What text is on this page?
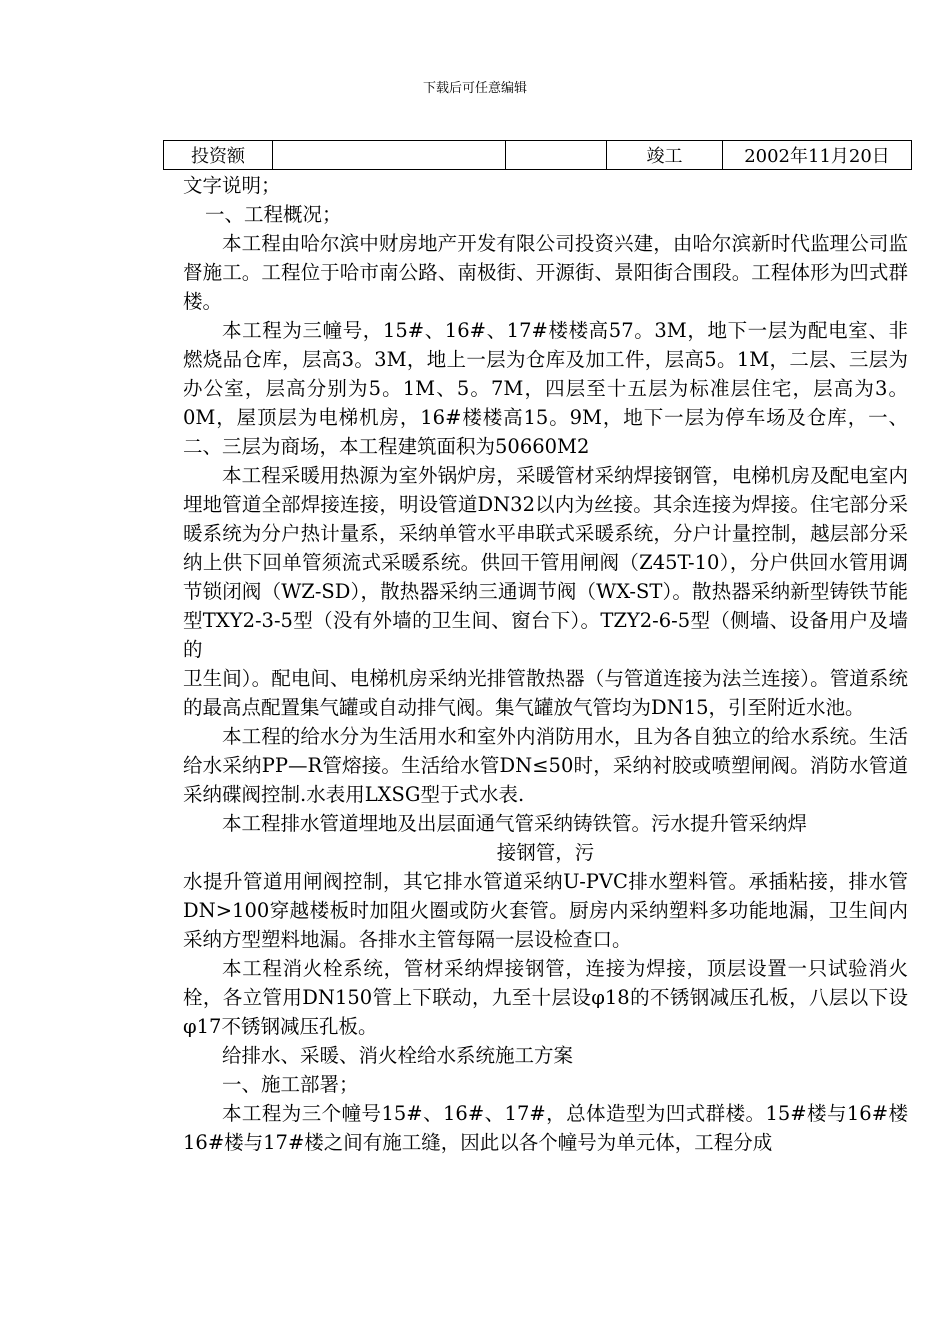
下载后可任意编辑
投资额			竣工	2002年11月20日

文字说明；

一、工程概况；

本工程由哈尔滨中财房地产开发有限公司投资兴建，由哈尔滨新时代监理公司监督施工。工程位于哈市南公路、南极街、开源街、景阳街合围段。工程体形为凹式群楼。

本工程为三幢号，15#、16#、17#楼楼高57。3M，地下一层为配电室、非燃烧品仓库，层高3。3M，地上一层为仓库及加工件，层高5。1M，二层、三层为办公室，层高分别为5。1M、5。7M，四层至十五层为标准层住宅，层高为3。0M，屋顶层为电梯机房，16#楼楼高15。9M，地下一层为停车场及仓库，一、二、三层为商场，本工程建筑面积为50660M2

本工程采暖用热源为室外锅炉房，采暖管材采纳焊接钢管，电梯机房及配电室内埋地管道全部焊接连接，明设管道DN32以内为丝接。其余连接为焊接。住宅部分采暖系统为分户热计量系，采纳单管水平串联式采暖系统，分户计量控制，越层部分采纳上供下回单管须流式采暖系统。供回干管用闸阀（Z45T-10），分户供回水管用调节锁闭阀（WZ-SD），散热器采纳三通调节阀（WX-ST）。散热器采纳新型铸铁节能型TXY2-3-5型（没有外墙的卫生间、窗台下）。TZY2-6-5型（侧墙、设备用户及墙的

卫生间）。配电间、电梯机房采纳光排管散热器（与管道连接为法兰连接）。管道系统的最高点配置集气罐或自动排气阀。集气罐放气管均为DN15，引至附近水池。

本工程的给水分为生活用水和室外内消防用水，且为各自独立的给水系统。生活给水采纳PP—R管熔接。生活给水管DN≤50时，采纳衬胶或喷塑闸阀。消防水管道采纳碟阀控制.水表用LXSG型于式水表.

本工程排水管道埋地及出层面通气管采纳铸铁管。污水提升管采纳焊

接钢管，污

水提升管道用闸阀控制，其它排水管道采纳U-PVC排水塑料管。承插粘接，排水管DN>100穿越楼板时加阻火圈或防火套管。厨房内采纳塑料多功能地漏，卫生间内采纳方型塑料地漏。各排水主管每隔一层设检查口。

本工程消火栓系统，管材采纳焊接钢管，连接为焊接，顶层设置一只试验消火栓，各立管用DN150管上下联动，九至十层设φ18的不锈钢减压孔板，八层以下设φ17不锈钢减压孔板。

给排水、采暖、消火栓给水系统施工方案

一、施工部署；

本工程为三个幢号15#、16#、17#，总体造型为凹式群楼。15#楼与16#楼16#楼与17#楼之间有施工缝，因此以各个幢号为单元体，工程分成
